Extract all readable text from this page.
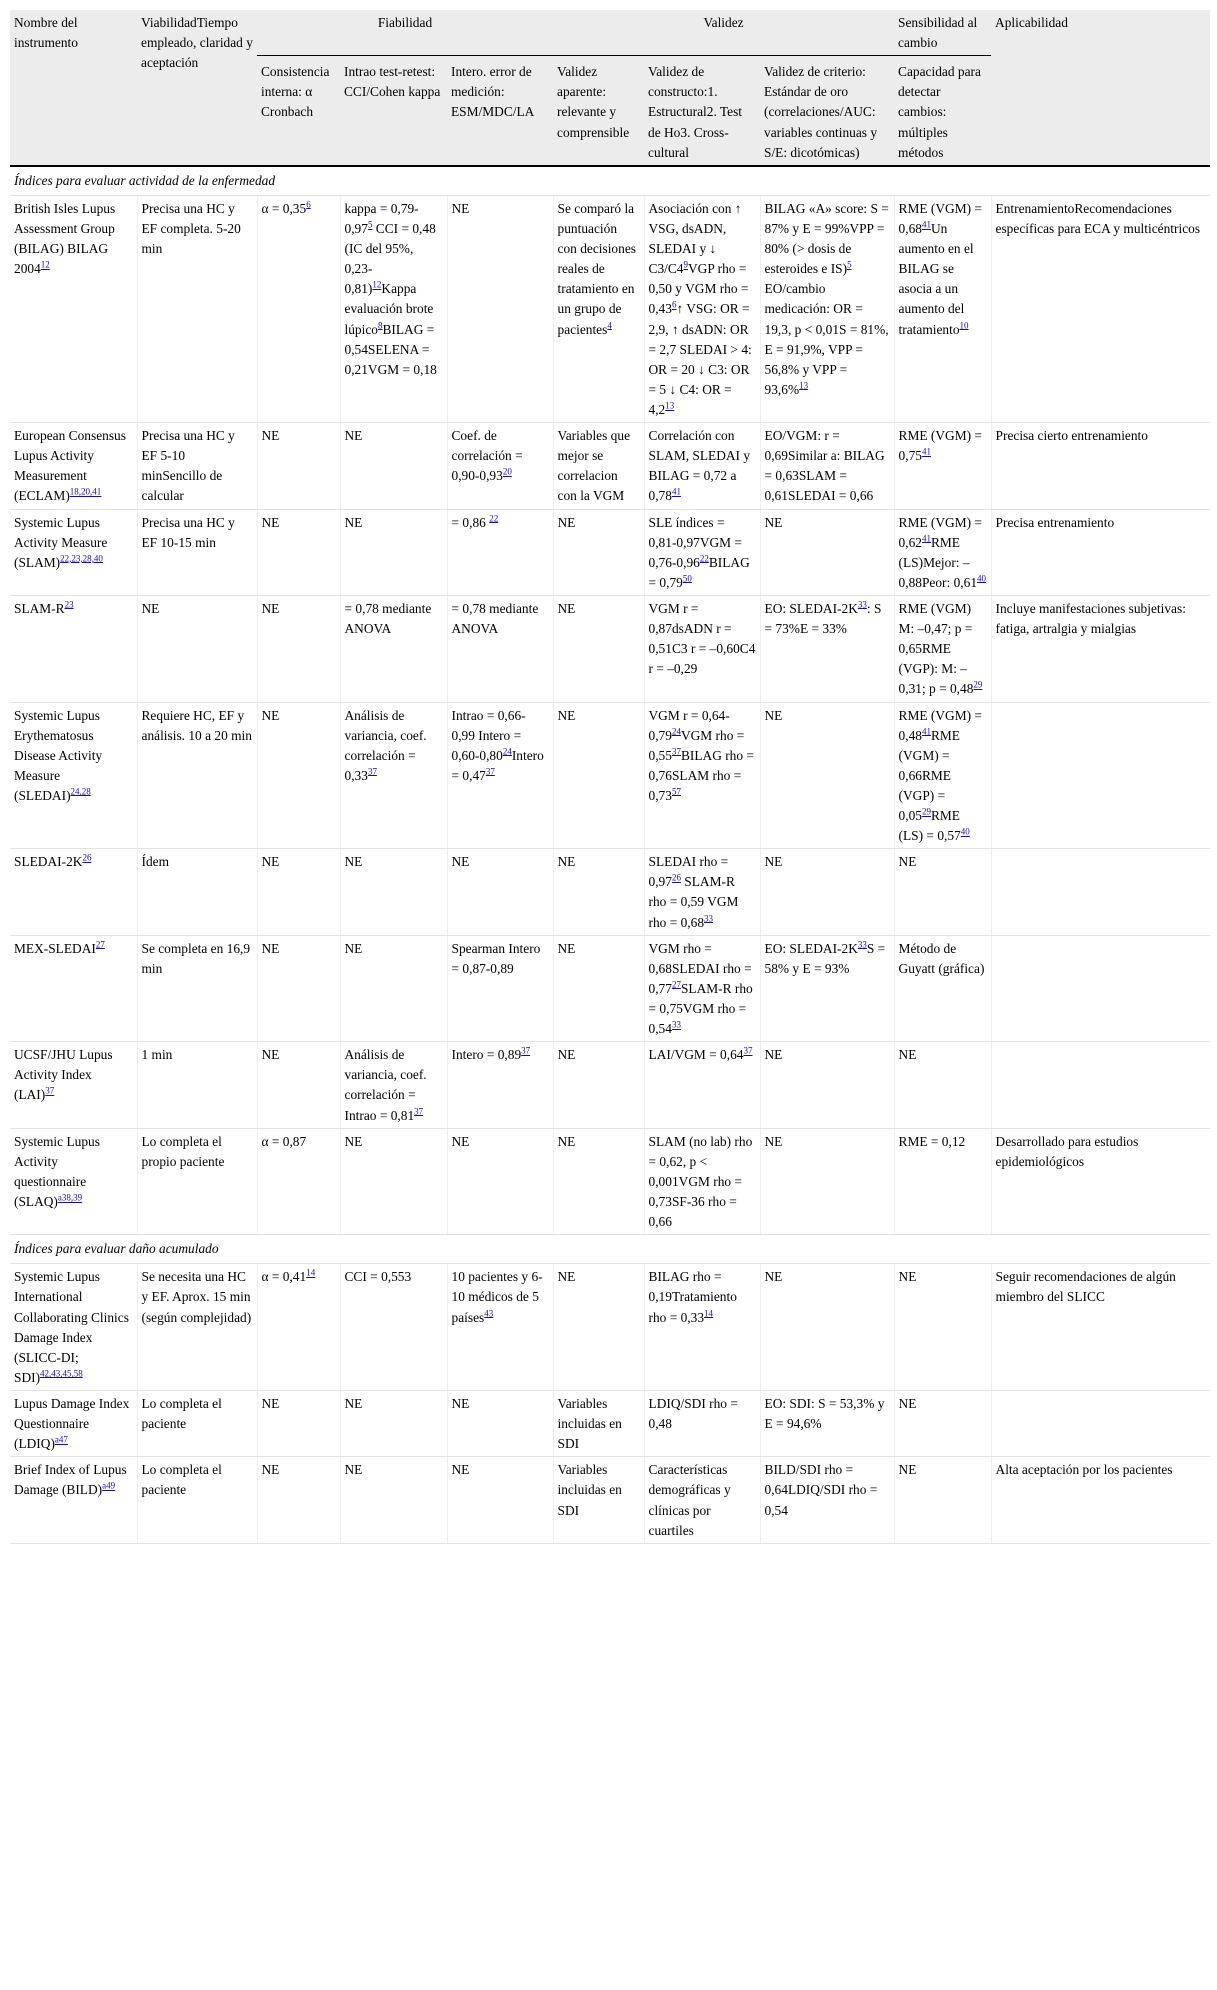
Nombre del instrumento	ViabilidadTiempo empleado, claridad y aceptación	Fiabilidad			Validez			Sensibilidad al cambio	Aplicabilidad
		Consistencia interna: α Cronbach	Intrao test-retest: CCI/Cohen kappa	Intero. error de medición: ESM/MDC/LA	Validez aparente: relevante y comprensible	Validez de constructo:1. Estructural2. Test de Ho3. Cross-cultural	Validez de criterio: Estándar de oro (correlaciones/AUC: variables continuas y S/E: dicotómicas)	Capacidad para detectar cambios: múltiples métodos	
Índices para evaluar actividad de la enfermedad									
British Isles Lupus Assessment Group (BILAG) BILAG 2004$^{12}$	Precisa una HC y EF completa. 5-20 min	$\alpha = 0,35^6$	kappa = $0,79-0,97^5$ CCI = 0,48 (IC del 95%, 0,23-0,81)$^{12}$Kappa evaluación brote lúpico$^8$BILAG = 0,54SELENA = 0,21VGM = 0,18	NE	Se comparó la puntuación con decisiones reales de tratamiento en un grupo de pacientes$^4$	Asociación con ↑ VSG, dsADN, SLEDAI y ↓ $C3/C4^9VGP$ rho = 0,50 y VGM rho = $0,43^6↑$ VSG: OR = 2,9, ↑ dsADN: OR = 2,7 SLEDAI > 4: OR = 20 ↓ C3: OR = 5 ↓ C4: OR = $4,2^{13}$	BILAG «A» score: S = 87% y E = 99%VPP = 80% (> dosis de esteroides e IS)$^5$ EO/cambio medicación: OR = 19,3, p < 0,01S = 81%, E = 91,9%, VPP = 56,8% y VPP = 93,6%$^{13}$	RME $(VGM) = 0,68^{41}Un$ aumento en el BILAG se asocia a un aumento del tratamiento$^{10}$	EntrenamientoRecomendaciones específicas para ECA y multicéntricos
European Consensus Lupus Activity Measurement (ECLAM)$^{18,20,41}$	Precisa una HC y EF 5-10 minSencillo de calcular	NE	NE	Coef. de correlación = $0,90-0,93^{20}$	Variables que mejor se correlacion con la VGM	Correlación con SLAM, SLEDAI y BILAG = 0,72 a 0,78$^{41}$	EO/VGM: r = 0,69Similar a: BILAG = 0,63SLAM = 0,61SLEDAI = 0,66	RME $(VGM) = 0,75^{41}$	Precisa cierto entrenamiento
Systemic Lupus Activity Measure (SLAM)$^{22,23,28,40}$	Precisa una HC y EF 10-15 min	NE	NE	= 0,86 $^{22}$	NE	SLE índices = $0,81-0,97VGM = 0,76-0,96^{22}BILAG = 0,79^{50}$	NE	RME $(VGM) = 0,62^{41}RME$ (LS)Mejor: –0,88Peor: 0,61$^{40}$	Precisa entrenamiento
SLAM-$R^{23}$	NE	NE	= 0,78 mediante ANOVA	= 0,78 mediante ANOVA	NE	VGM r = 0,87dsADN r = 0,51C3 r = –0,60C4 r = –0,29	EO: SLEDAI-$2K^{33}$: S = 73%E = 33%	RME (VGM) M: –0,47; p = 0,65RME (VGP): M: –0,31; $p = 0,48^{29}$	Incluye manifestaciones subjetivas: fatiga, artralgia y mialgias
Systemic Lupus Erythematosus Disease Activity Measure (SLEDAI)$^{24,28}$	Requiere HC, EF y análisis. 10 a 20 min	NE	Análisis de variancia, coef. correlación = $0,33^{37}$	Intrao = 0,66-0,99 Intero = $0,60-0,80^{24}Intero = 0,47^{37}$	NE	VGM $r = 0,64-0,79^{24}VGM$ rho = $0,55^{37}BILAG$ rho = 0,76SLAM rho = $0,73^{57}$	NE	RME $(VGM) = 0,48^{41}RME$ (VGM) = 0,66RME $(VGP) = 0,05^{29}RME$ $(LS) = 0,57^{40}$	
SLEDAI-$2K^{26}$	Ídem	NE	NE	NE	NE	SLEDAI rho = $0,97^{26}$ SLAM-R rho = 0,59 VGM rho = $0,68^{33}$	NE	NE	
MEX-SLEDAI$^{27}$	Se completa en 16,9 min	NE	NE	Spearman Intero = 0,87-0,89	NE	VGM rho = 0,68SLEDAI rho = $0,77^{27}SLAM-R$ rho = 0,75VGM rho = $0,54^{33}$	EO: SLEDAI-$2K^{33}S = 58\%$ y E = 93%	Método de Guyatt (gráfica)	
UCSF/JHU Lupus Activity Index (LAI)$^{37}$	1 min	NE	Análisis de variancia, coef. correlación = Intrao = $0,81^{37}$	Intero = $0,89^{37}$	NE	$LAI/VGM = 0,64^{37}$	NE	NE	
Systemic Lupus Activity questionnaire (SLAQ)$^{a38,39}$	Lo completa el propio paciente	α = 0,87	NE	NE	NE	SLAM (no lab) rho = 0,62, p < 0,001VGM rho = 0,73SF-36 rho = 0,66	NE	RME = 0,12	Desarrollado para estudios epidemiológicos
Índices para evaluar daño acumulado									
Systemic Lupus International Collaborating Clinics Damage Index (SLICC-DI; SDI)$^{42,43,45,58}$	Se necesita una HC y EF. Aprox. 15 min (según complejidad)	$\alpha = 0,41^{14}$	CCI = 0,553	10 pacientes y 6-10 médicos de 5 países$^{43}$	NE	BILAG rho = 0,19Tratamiento rho = $0,33^{14}$	NE	NE	Seguir recomendaciones de algún miembro del SLICC
Lupus Damage Index Questionnaire (LDIQ)$^{a47}$	Lo completa el paciente	NE	NE	NE	Variables incluidas en SDI	LDIQ/SDI rho = 0,48	EO: SDI: S = 53,3% y E = 94,6%	NE	
Brief Index of Lupus Damage (BILD)$^{a49}$	Lo completa el paciente	NE	NE	NE	Variables incluidas en SDI	Características demográficas y clínicas por cuartiles	BILD/SDI rho = 0,64LDIQ/SDI rho = 0,54	NE	Alta aceptación por los pacientes
